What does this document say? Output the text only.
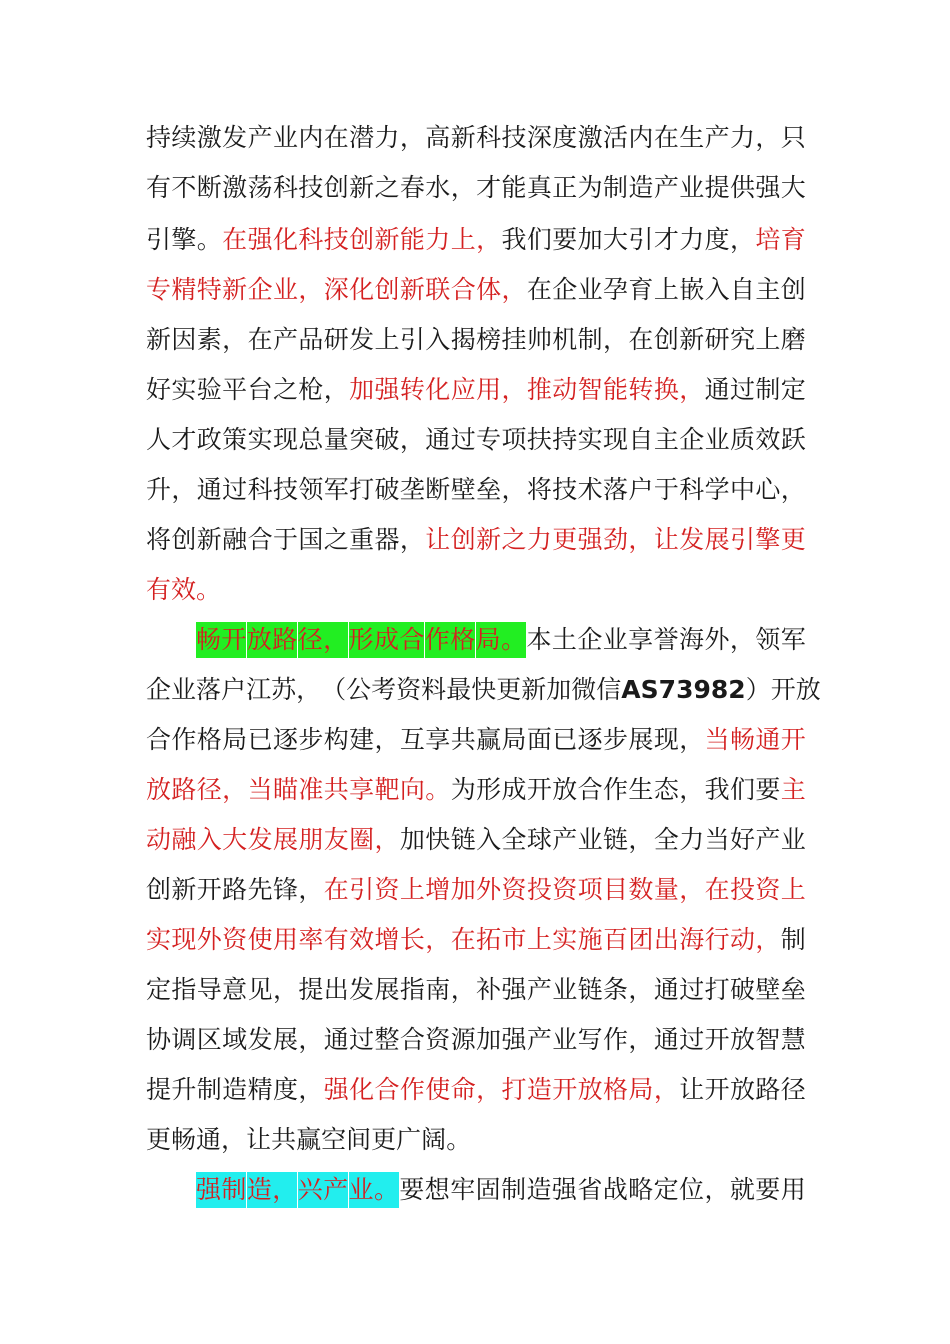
持 续 激 发 产 业 内 在 潜 力 ， 高 新 科 技 深 度 激 活 内 在 生 产 力 ， 只
有 不 断 激 荡 科 技 创 新 之 春 水 ， 才 能 真 正 为 制 造 产 业 提 供 强 大
引 擎 。 在 强 化 科 技 创 新 能 力 上 ， 我 们 要 加 大 引 才 力 度 ， 培 育
专 精 特 新 企 业 ， 深 化 创 新 联 合 体 ， 在 企 业 孕 育 上 嵌 入 自 主 创
新 因 素 ， 在 产 品 研 发 上 引 入 揭 榜 挂 帅 机 制 ， 在 创 新 研 究 上 磨
好 实 验 平 台 之 枪 ， 加 强 转 化 应 用 ， 推 动 智 能 转 换 ， 通 过 制 定
人 才 政 策 实 现 总 量 突 破 ， 通 过 专 项 扶 持 实 现 自 主 企 业 质 效 跃
升 ， 通 过 科 技 领 军 打 破 垄 断 壁 垒 ， 将 技 术 落 户 于 科 学 中 心 ，
将 创 新 融 合 于 国 之 重 器 ， 让 创 新 之 力 更 强 劲 ， 让 发 展 引 擎 更
有 效 。
畅 开 放 路 径 ， 形 成 合 作 格 局 。 本 土 企 业 享 誉 海 外 ， 领 军
企 业 落 户 江 苏 ， （ 公 考 资 料 最 快 更 新 加 微 信 A S 7 3 9 8 2 ） 开 放
合 作 格 局 已 逐 步 构 建 ， 互 享 共 赢 局 面 已 逐 步 展 现 ， 当 畅 通 开
放 路 径 ， 当 瞄 准 共 享 靶 向 。 为 形 成 开 放 合 作 生 态 ， 我 们 要 主
动 融 入 大 发 展 朋 友 圈 ， 加 快 链 入 全 球 产 业 链 ， 全 力 当 好 产 业
创 新 开 路 先 锋 ， 在 引 资 上 增 加 外 资 投 资 项 目 数 量 ， 在 投 资 上
实 现 外 资 使 用 率 有 效 增 长 ， 在 拓 市 上 实 施 百 团 出 海 行 动 ， 制
定 指 导 意 见 ， 提 出 发 展 指 南 ， 补 强 产 业 链 条 ， 通 过 打 破 壁 垒
协 调 区 域 发 展 ， 通 过 整 合 资 源 加 强 产 业 写 作 ， 通 过 开 放 智 慧
提 升 制 造 精 度 ， 强 化 合 作 使 命 ， 打 造 开 放 格 局 ， 让 开 放 路 径
更 畅 通 ， 让 共 赢 空 间 更 广 阔 。
强 制 造 ， 兴 产 业 。 要 想 牢 固 制 造 强 省 战 略 定 位 ， 就 要 用
